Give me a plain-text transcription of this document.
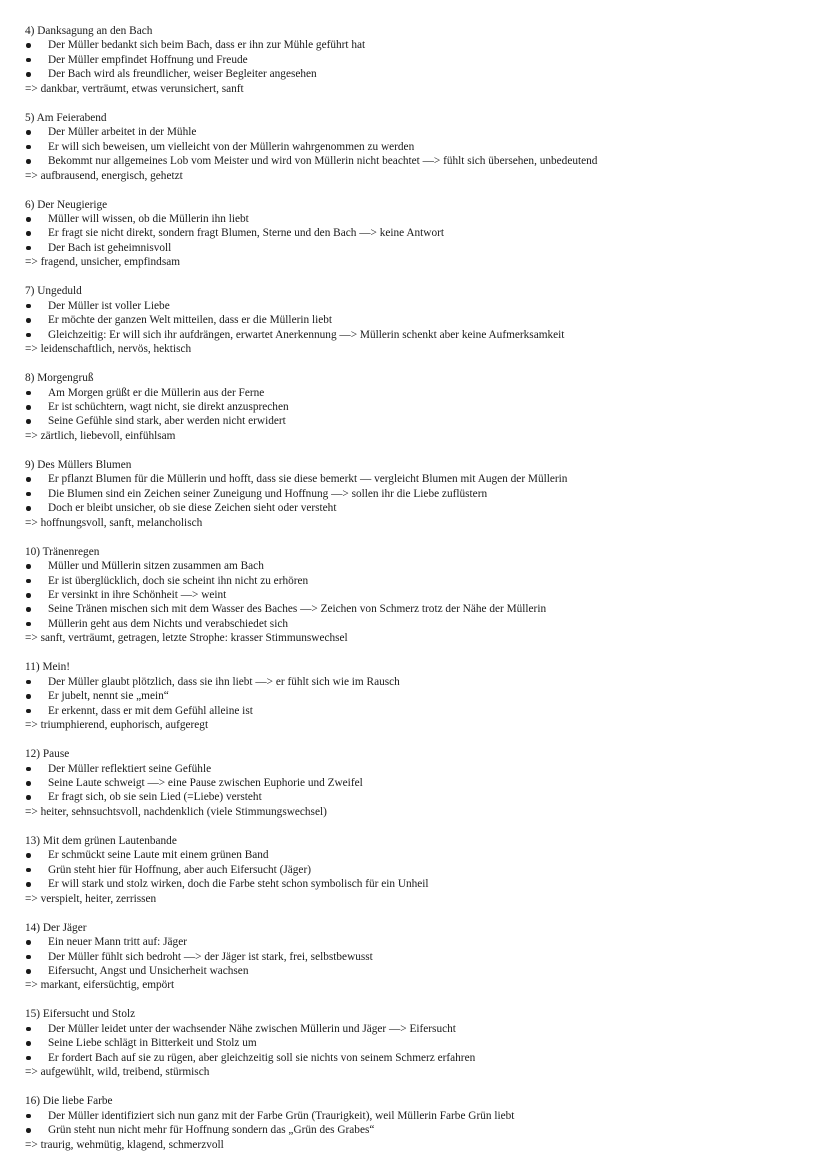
4) Danksagung an den Bach
Der Müller bedankt sich beim Bach, dass er ihn zur Mühle geführt hat
Der Müller empfindet Hoffnung und Freude
Der Bach wird als freundlicher, weiser Begleiter angesehen
=> dankbar, verträumt, etwas verunsichert, sanft
5) Am Feierabend
Der Müller arbeitet in der Mühle
Er will sich beweisen, um vielleicht von der Müllerin wahrgenommen zu werden
Bekommt nur allgemeines Lob vom Meister und wird von Müllerin nicht beachtet —> fühlt sich übersehen, unbedeutend
=> aufbrausend, energisch, gehetzt
6) Der Neugierige
Müller will wissen, ob die Müllerin ihn liebt
Er fragt sie nicht direkt, sondern fragt Blumen, Sterne und den Bach —> keine Antwort
Der Bach ist geheimnisvoll
=> fragend, unsicher, empfindsam
7) Ungeduld
Der Müller ist voller Liebe
Er möchte der ganzen Welt mitteilen, dass er die Müllerin liebt
Gleichzeitig: Er will sich ihr aufdrängen, erwartet Anerkennung —> Müllerin schenkt aber keine Aufmerksamkeit
=> leidenschaftlich, nervös, hektisch
8) Morgengruß
Am Morgen grüßt er die Müllerin aus der Ferne
Er ist schüchtern, wagt nicht, sie direkt anzusprechen
Seine Gefühle sind stark, aber werden nicht erwidert
=> zärtlich, liebevoll, einfühlsam
9) Des Müllers Blumen
Er pflanzt Blumen für die Müllerin und hofft, dass sie diese bemerkt — vergleicht Blumen mit Augen der Müllerin
Die Blumen sind ein Zeichen seiner Zuneigung und Hoffnung —> sollen ihr die Liebe zuflüstern
Doch er bleibt unsicher, ob sie diese Zeichen sieht oder versteht
=> hoffnungsvoll, sanft, melancholisch
10) Tränenregen
Müller und Müllerin sitzen zusammen am Bach
Er ist überglücklich, doch sie scheint ihn nicht zu erhören
Er versinkt in ihre Schönheit —> weint
Seine Tränen mischen sich mit dem Wasser des Baches —> Zeichen von Schmerz trotz der Nähe der Müllerin
Müllerin geht aus dem Nichts und verabschiedet sich
=> sanft, verträumt, getragen, letzte Strophe: krasser Stimmunswechsel
11) Mein!
Der Müller glaubt plötzlich, dass sie ihn liebt —> er fühlt sich wie im Rausch
Er jubelt, nennt sie „mein“
Er erkennt, dass er mit dem Gefühl alleine ist
=> triumphierend, euphorisch, aufgeregt
12) Pause
Der Müller reflektiert seine Gefühle
Seine Laute schweigt —> eine Pause zwischen Euphorie und Zweifel
Er fragt sich, ob sie sein Lied (=Liebe) versteht
=> heiter, sehnsuchtsvoll, nachdenklich (viele Stimmungswechsel)
13) Mit dem grünen Lautenbande
Er schmückt seine Laute mit einem grünen Band
Grün steht hier für Hoffnung, aber auch Eifersucht (Jäger)
Er will stark und stolz wirken, doch die Farbe steht schon symbolisch für ein Unheil
=> verspielt, heiter, zerrissen
14) Der Jäger
Ein neuer Mann tritt auf: Jäger
Der Müller fühlt sich bedroht —> der Jäger ist stark, frei, selbstbewusst
Eifersucht, Angst und Unsicherheit wachsen
=> markant, eifersüchtig, empört
15) Eifersucht und Stolz
Der Müller leidet unter der wachsender Nähe zwischen Müllerin und Jäger —> Eifersucht
Seine Liebe schlägt in Bitterkeit und Stolz um
Er fordert Bach auf sie zu rügen, aber gleichzeitig soll sie nichts von seinem Schmerz erfahren
=> aufgewühlt, wild, treibend, stürmisch
16) Die liebe Farbe
Der Müller identifiziert sich nun ganz mit der Farbe Grün (Traurigkeit), weil Müllerin Farbe Grün liebt
Grün steht nun nicht mehr für Hoffnung sondern das „Grün des Grabes“
=> traurig, wehmütig, klagend, schmerzvoll
